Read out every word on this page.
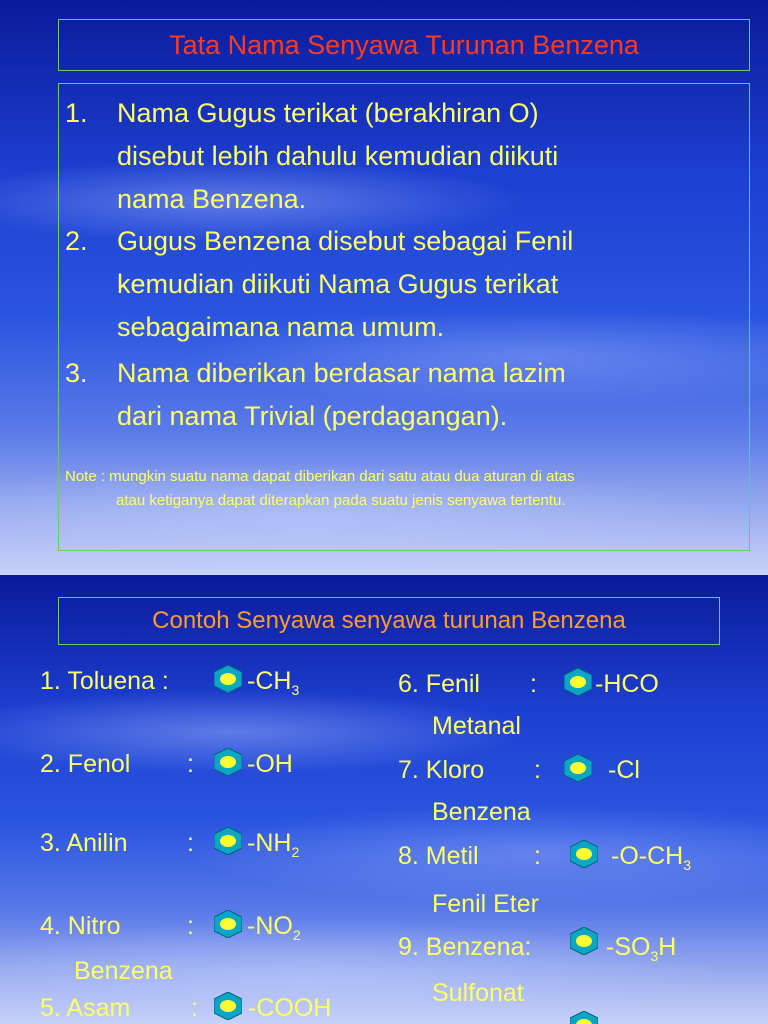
Tata Nama Senyawa Turunan Benzena
1. Nama Gugus terikat (berakhiran O)
disebut lebih dahulu kemudian diikuti
nama Benzena.
2. Gugus Benzena disebut sebagai Fenil
kemudian diikuti Nama Gugus terikat
sebagaimana nama umum.
3. Nama diberikan berdasar nama lazim
dari nama Trivial (perdagangan).
Note : mungkin suatu nama dapat diberikan dari satu atau dua aturan di atas
atau ketiganya dapat diterapkan pada suatu jenis senyawa tertentu.
Contoh Senyawa senyawa turunan Benzena
1. Toluena :	$-CH_3$
2. Fenol : -OH
3. Anilin : $-NH_2$
4. Nitro	: $-NO_2$
Benzena
5. Asam : -COOH
6. Fenil : -HCO
Metanal
7. Kloro :	-Cl
Benzena
8. Metil :	$-O-CH_3$
Fenil Eter
9. Benzena:	$-SO_3H$
Sulfonat
